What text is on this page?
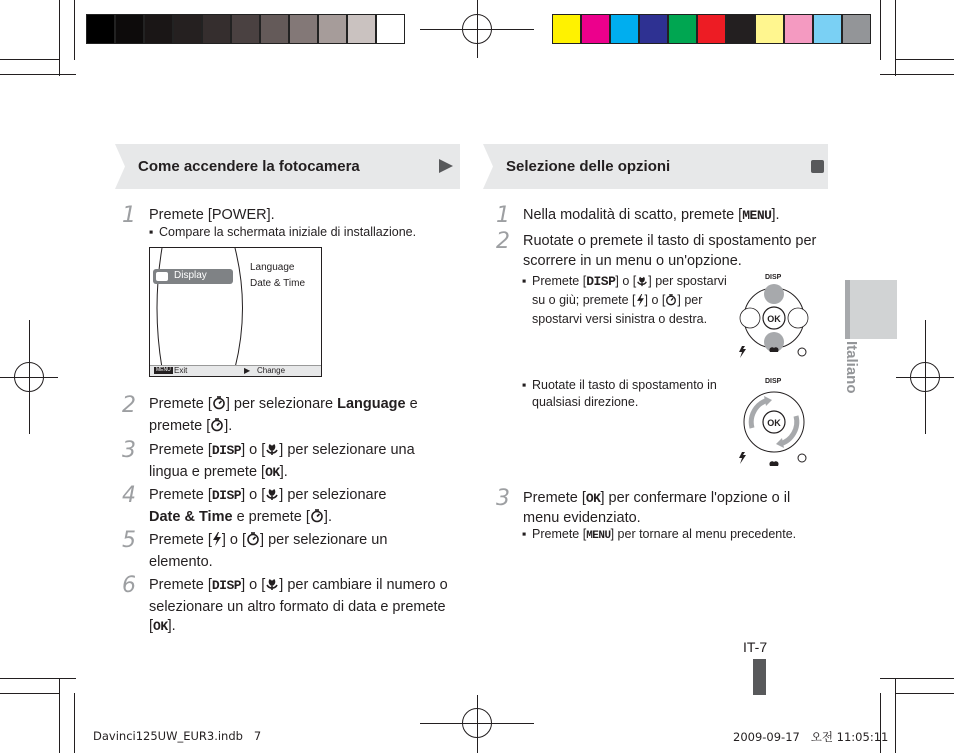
Come accendere la fotocamera
1 Premete [POWER].
▪ Compare la schermata iniziale di installazione.
Display
Language
Date & Time
MENU Exit	▶ Change
2 Premete [ ] per selezionare Language e premete [ ].
3 Premete [DISP] o [ ] per selezionare una lingua e premete [OK].
4 Premete [DISP] o [ ] per selezionare
Date & Time e premete [ ].
5 Premete [ ] o [ ] per selezionare un elemento.
6 Premete [DISP] o [ ] per cambiare il numero o selezionare un altro formato di data e premete [OK].
Selezione delle opzioni
1 Nella modalità di scatto, premete [MENU].
2 Ruotate o premete il tasto di spostamento per scorrere in un menu o un'opzione.
▪ Premete [DISP] o [ ] per spostarvi su o giù; premete [ ] o [ ] per spostarvi versi sinistra o destra.
DISP
OK
▪ Ruotate il tasto di spostamento in qualsiasi direzione.
DISP
OK
3 Premete [OK] per confermare l'opzione o il menu evidenziato.
▪ Premete [MENU] per tornare al menu precedente.
Italiano
IT-7
Davinci125UW_EUR3.indb   7	2009-09-17   오전 11:05:11
